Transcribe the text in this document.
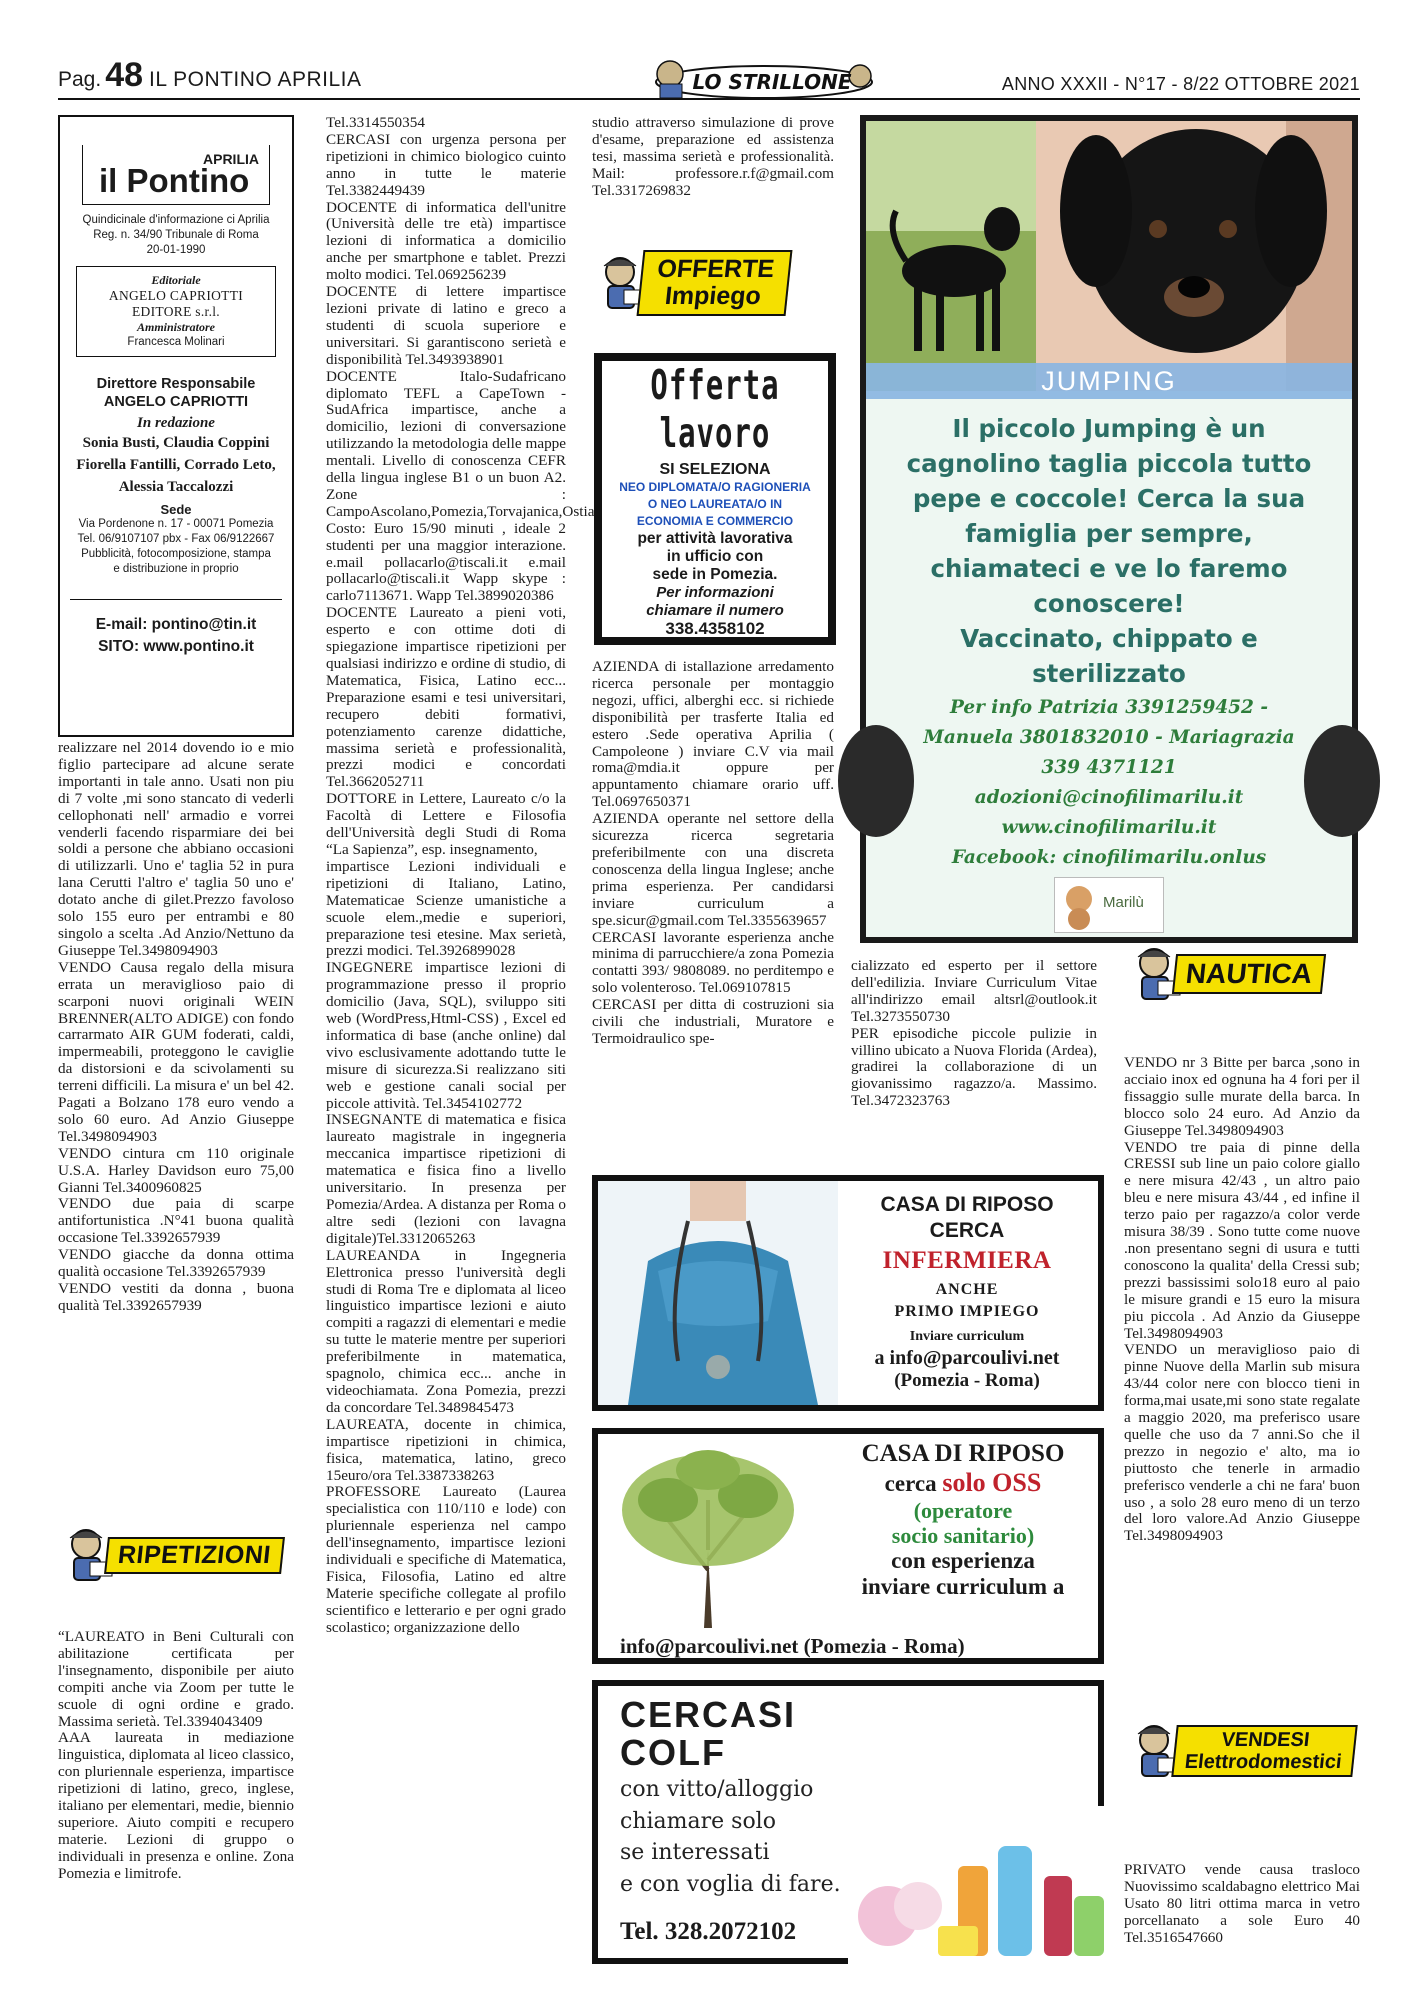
Pag. 48 IL PONTINO APRILIA	LO STRILLONE	ANNO XXXII - N°17 - 8/22 OTTOBRE 2021
APRILIA
il Pontino
Quindicinale d'informazione ci Aprilia
Reg. n. 34/90 Tribunale di Roma
20-01-1990
Editoriale
ANGELO CAPRIOTTI EDITORE s.r.l.
Amministratore
Francesca Molinari
Direttore Responsabile
ANGELO CAPRIOTTI
In redazione
Sonia Busti, Claudia Coppini
Fiorella Fantilli, Corrado Leto,
Alessia Taccalozzi
Sede
Via Pordenone n. 17 - 00071 Pomezia
Tel. 06/9107107 pbx - Fax 06/9122667
Pubblicità, fotocomposizione, stampa
e distribuzione in proprio
E-mail: pontino@tin.it
SITO: www.pontino.it
realizzare nel 2014 dovendo io e mio figlio partecipare ad alcune serate importanti in tale anno. Usati non piu di 7 volte ,mi sono stancato di vederli cellophonati nell' armadio e vorrei venderli facendo risparmiare dei bei soldi a persone che abbiano occasioni di utilizzarli. Uno e' taglia 52 in pura lana Cerutti l'altro e' taglia 50 uno e' dotato anche di gilet.Prezzo favoloso solo 155 euro per entrambi e 80 singolo a scelta .Ad Anzio/Nettuno da Giuseppe Tel.3498094903
VENDO Causa regalo della misura errata un meraviglioso paio di scarponi nuovi originali WEIN BRENNER(ALTO ADIGE) con fondo carrarmato AIR GUM foderati, caldi, impermeabili, proteggono le caviglie da distorsioni e da scivolamenti su terreni difficili. La misura e' un bel 42. Pagati a Bolzano 178 euro vendo a solo 60 euro. Ad Anzio Giuseppe Tel.3498094903
VENDO cintura cm 110 originale U.S.A. Harley Davidson euro 75,00 Gianni Tel.3400960825
VENDO due paia di scarpe antifortunistica .N°41 buona qualità occasione Tel.3392657939
VENDO giacche da donna ottima qualità occasione Tel.3392657939
VENDO vestiti da donna , buona qualità Tel.3392657939
RIPETIZIONI
“LAUREATO in Beni Culturali con abilitazione certificata per l'insegnamento, disponibile per aiuto compiti anche via Zoom per tutte le scuole di ogni ordine e grado. Massima serietà. Tel.3394043409
AAA laureata in mediazione linguistica, diplomata al liceo classico, con pluriennale esperienza, impartisce ripetizioni di latino, greco, inglese, italiano per elementari, medie, biennio superiore. Aiuto compiti e recupero materie. Lezioni di gruppo o individuali in presenza e online. Zona Pomezia e limitrofe.
Tel.3314550354
CERCASI con urgenza persona per ripetizioni in chimico biologico cuinto anno in tutte le materie Tel.3382449439
DOCENTE di informatica dell'unitre (Università delle tre età) impartisce lezioni di informatica a domicilio anche per smartphone e tablet. Prezzi molto modici. Tel.069256239
DOCENTE di lettere impartisce lezioni private di latino e greco a studenti di scuola superiore e universitari. Si garantiscono serietà e disponibilità Tel.3493938901
DOCENTE Italo-Sudafricano diplomato TEFL a CapeTown -SudAfrica impartisce, anche a domicilio, lezioni di conversazione utilizzando la metodologia delle mappe mentali. Livello di conoscenza CEFR della lingua inglese B1 o un buon A2. Zone : CampoAscolano,Pomezia,Torvajanica,Ostia. Costo: Euro 15/90 minuti , ideale 2 studenti per una maggior interazione. e.mail pollacarlo@tiscali.it e.mail pollacarlo@tiscali.it Wapp skype : carlo7113671. Wapp Tel.3899020386
DOCENTE Laureato a pieni voti, esperto e con ottime doti di spiegazione impartisce ripetizioni per qualsiasi indirizzo e ordine di studio, di Matematica, Fisica, Latino ecc... Preparazione esami e tesi universitari, recupero debiti formativi, potenziamento carenze didattiche, massima serietà e professionalità, prezzi modici e concordati Tel.3662052711
DOTTORE in Lettere, Laureato c/o la Facoltà di Lettere e Filosofia dell'Università degli Studi di Roma “La Sapienza”, esp. insegnamento,
impartisce Lezioni individuali e ripetizioni di Italiano, Latino, Matematicae Scienze umanistiche a scuole elem.,medie e superiori, preparazione tesi etesine. Max serietà, prezzi modici. Tel.3926899028
INGEGNERE impartisce lezioni di programmazione presso il proprio domicilio (Java, SQL), sviluppo siti web (WordPress,Html-CSS) , Excel ed informatica di base (anche online) dal vivo esclusivamente adottando tutte le misure di sicurezza.Si realizzano siti web e gestione canali social per piccole attività. Tel.3454102772
INSEGNANTE di matematica e fisica laureato magistrale in ingegneria meccanica impartisce ripetizioni di matematica e fisica fino a livello universitario. In presenza per Pomezia/Ardea. A distanza per Roma o altre sedi (lezioni con lavagna digitale)Tel.3312065263
LAUREANDA in Ingegneria Elettronica presso l'università degli studi di Roma Tre e diplomata al liceo linguistico impartisce lezioni e aiuto compiti a ragazzi di elementari e medie su tutte le materie mentre per superiori preferibilmente in matematica, spagnolo, chimica ecc... anche in videochiamata. Zona Pomezia, prezzi da concordare Tel.3489845473
LAUREATA, docente in chimica, impartisce ripetizioni in chimica, fisica, matematica, latino, greco 15euro/ora Tel.3387338263
PROFESSORE Laureato (Laurea specialistica con 110/110 e lode) con pluriennale esperienza nel campo dell'insegnamento, impartisce lezioni individuali e specifiche di Matematica, Fisica, Filosofia, Latino ed altre Materie specifiche collegate al profilo scientifico e letterario e per ogni grado scolastico; organizzazione dello
studio attraverso simulazione di prove d'esame, preparazione ed assistenza tesi, massima serietà e professionalità. Mail: professore.r.f@gmail.com Tel.3317269832
OFFERTE
Impiego
Offerta lavoro
SI SELEZIONA
NEO DIPLOMATA/O RAGIONERIA
O NEO LAUREATA/O IN
ECONOMIA E COMMERCIO
per attività lavorativa
in ufficio con
sede in Pomezia.
Per informazioni
chiamare il numero
338.4358102
AZIENDA di istallazione arredamento ricerca personale per montaggio negozi, uffici, alberghi ecc. si richiede disponibilità per trasferte Italia ed estero .Sede operativa Aprilia ( Campoleone ) inviare C.V via mail roma@mdia.it oppure per appuntamento chiamare orario uff. Tel.0697650371
AZIENDA operante nel settore della sicurezza ricerca segretaria preferibilmente con una discreta conoscenza della lingua Inglese; anche prima esperienza. Per candidarsi inviare curriculum a spe.sicur@gmail.com Tel.3355639657
CERCASI lavorante esperienza anche minima di parrucchiere/a zona Pomezia contatti 393/ 9808089. no perditempo e solo volenteroso. Tel.069107815
CERCASI per ditta di costruzioni sia civili che industriali, Muratore e Termoidraulico spe-
JUMPING
Il piccolo Jumping è un cagnolino taglia piccola tutto pepe e coccole! Cerca la sua famiglia per sempre, chiamateci e ve lo faremo conoscere!
Vaccinato, chippato e sterilizzato
Per info Patrizia 3391259452 -
Manuela 3801832010 - Mariagrazia
339 4371121
adozioni@cinofilimarilu.it
www.cinofilimarilu.it
Facebook: cinofilimarilu.onlus
Marilù
NAUTICA
cializzato ed esperto per il settore dell'edilizia. Inviare Curriculum Vitae all'indirizzo email altsrl@outlook.it Tel.3273550730
PER episodiche piccole pulizie in villino ubicato a Nuova Florida (Ardea), gradirei la collaborazione di un giovanissimo ragazzo/a. Massimo. Tel.3472323763
VENDO nr 3 Bitte per barca ,sono in acciaio inox ed ognuna ha 4 fori per il fissaggio sulle murate della barca. In blocco solo 24 euro. Ad Anzio da Giuseppe Tel.3498094903
VENDO tre paia di pinne della CRESSI sub line un paio colore giallo e nere misura 42/43 , un altro paio bleu e nere misura 43/44 , ed infine il terzo paio per ragazzo/a color verde misura 38/39 . Sono tutte come nuove .non presentano segni di usura e tutti conoscono la qualita' della Cressi sub; prezzi bassissimi solo18 euro al paio le misure grandi e 15 euro la misura piu piccola . Ad Anzio da Giuseppe Tel.3498094903
VENDO un meraviglioso paio di pinne Nuove della Marlin sub misura 43/44 color nere con blocco tieni in forma,mai usate,mi sono state regalate a maggio 2020, ma preferisco usare quelle che uso da 7 anni.So che il prezzo in negozio e' alto, ma io piuttosto che tenerle in armadio preferisco venderle a chi ne fara' buon uso , a solo 28 euro meno di un terzo del loro valore.Ad Anzio Giuseppe Tel.3498094903
CASA DI RIPOSO
CERCA
INFERMIERA
ANCHE
PRIMO IMPIEGO
Inviare curriculum
a info@parcoulivi.net
(Pomezia - Roma)
CASA DI RIPOSO
cerca solo OSS
(operatore
socio sanitario)
con esperienza
inviare curriculum a
info@parcoulivi.net (Pomezia - Roma)
VENDESI
Elettrodomestici
PRIVATO vende causa trasloco Nuovissimo scaldabagno elettrico Mai Usato 80 litri ottima marca in vetro porcellanato a sole Euro 40 Tel.3516547660
CERCASI
COLF
con vitto/alloggio
chiamare solo
se interessati
e con voglia di fare.
Tel. 328.2072102
